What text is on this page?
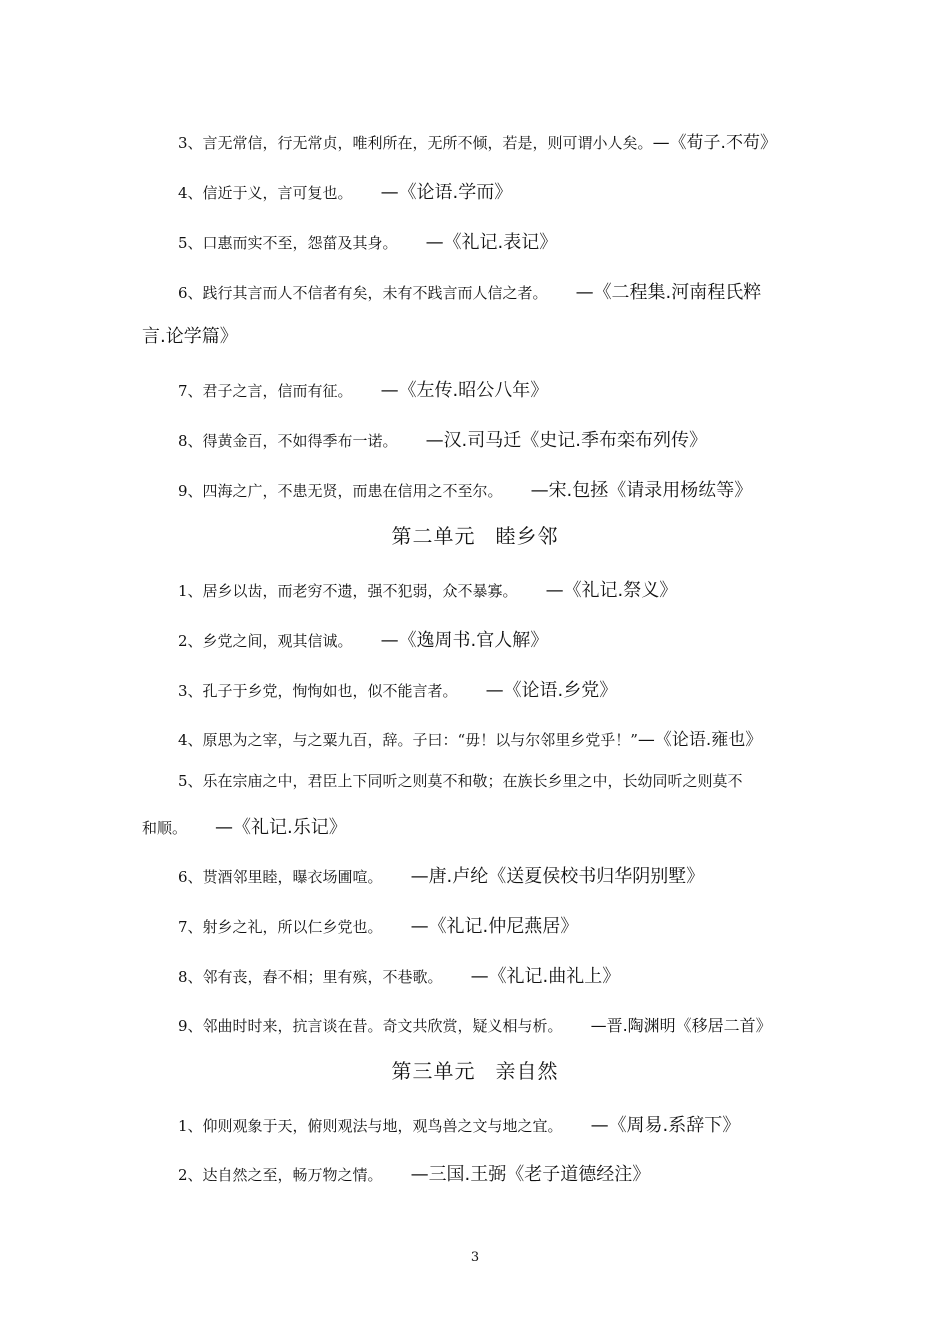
3、言无常信，行无常贞，唯利所在，无所不倾，若是，则可谓小人矣。—《荀子.不苟》
4、信近于义，言可复也。 —《论语.学而》
5、口惠而实不至，怨菑及其身。 —《礼记.表记》
6、践行其言而人不信者有矣，未有不践言而人信之者。 —《二程集.河南程氏粹
言.论学篇》
7、君子之言，信而有征。 —《左传.昭公八年》
8、得黄金百，不如得季布一诺。 —汉.司马迁《史记.季布栾布列传》
9、四海之广，不患无贤，而患在信用之不至尔。 —宋.包拯《请录用杨纮等》
第二单元 睦乡邻
1、居乡以齿，而老穷不遗，强不犯弱，众不暴寡。 —《礼记.祭义》
2、乡党之间，观其信诚。 —《逸周书.官人解》
3、孔子于乡党，恂恂如也，似不能言者。 —《论语.乡党》
4、原思为之宰，与之粟九百，辞。子曰：“毋！以与尔邻里乡党乎！”—《论语.雍也》
5、乐在宗庙之中，君臣上下同听之则莫不和敬；在族长乡里之中，长幼同听之则莫不
和顺。 —《礼记.乐记》
6、贳酒邻里睦，曝衣场圃喧。 —唐.卢纶《送夏侯校书归华阴别墅》
7、射乡之礼，所以仁乡党也。 —《礼记.仲尼燕居》
8、邻有丧，舂不相；里有殡，不巷歌。 —《礼记.曲礼上》
9、邻曲时时来，抗言谈在昔。奇文共欣赏，疑义相与析。 —晋.陶渊明《移居二首》
第三单元 亲自然
1、仰则观象于天，俯则观法与地，观鸟兽之文与地之宜。 —《周易.系辞下》
2、达自然之至，畅万物之情。 —三国.王弼《老子道德经注》
3
